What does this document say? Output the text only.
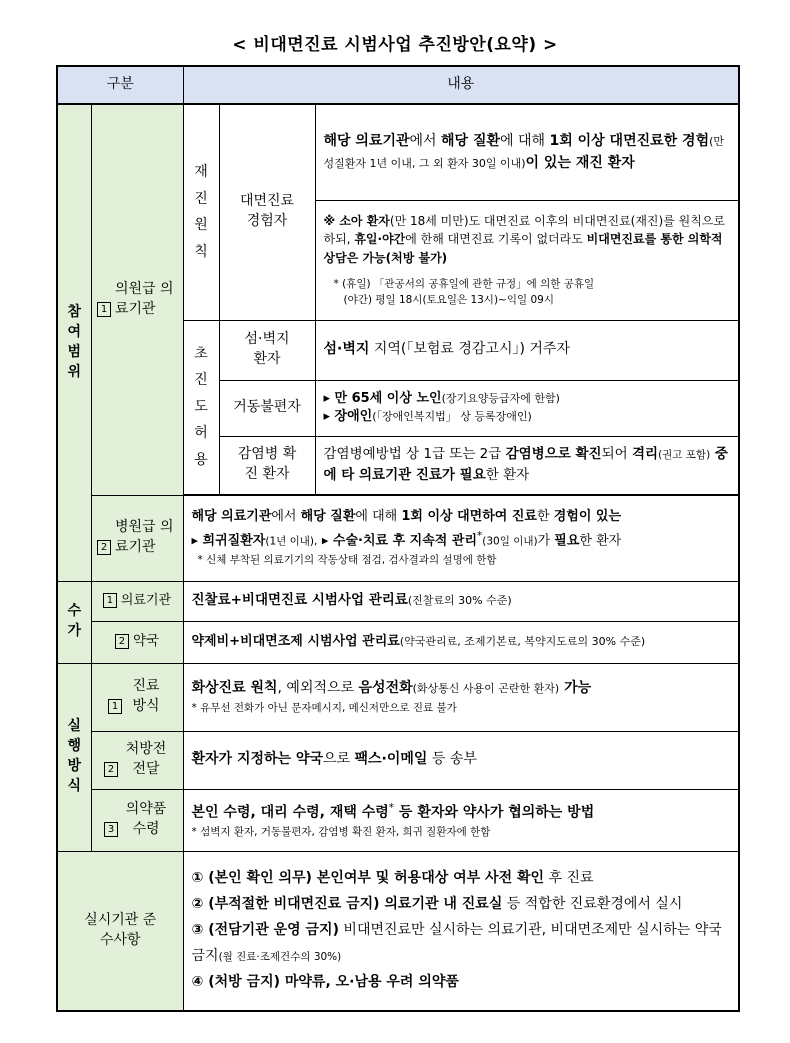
< 비대면진료 시범사업 추진방안(요약) >
구분		내용		
참여범위	1의원급 의료기관	재진 원칙	대면진료 경험자	해당 의료기관에서 해당 질환에 대해 1회 이상 대면진료한 경험(만성질환자 1년 이내, 그 외 환자 30일 이내)이 있는 재진 환자

				※ 소아 환자(만 18세 미만)도 대면진료 이후의 비대면진료(재진)를 원칙으로 하되, 휴일·야간에 한해 대면진료 기록이 없더라도 비대면진료를 통한 의학적 상담은 가능(처방 불가)
* (휴일) 「관공서의 공휴일에 관한 규정」에 의한 공휴일
(야간) 평일 18시(토요일은 13시)~익일 09시

		초진도허용	섬·벽지 환자	섬·벽지 지역(「보험료 경감고시」) 거주자
			거동불편자	▸ 만 65세 이상 노인(장기요양등급자에 한함)
▸ 장애인(「장애인복지법」 상 등록장애인)

			감염병 확진 환자	감염병예방법 상 1급 또는 2급 감염병으로 확진되어 격리(권고 포함) 중에 타 의료기관 진료가 필요한 환자

	2병원급 의료기관	해당 의료기관에서 해당 질환에 대해 1회 이상 대면하여 진료한 경험이 있는
▸ 희귀질환자(1년 이내), ▸ 수술·치료 후 지속적 관리*(30일 이내)가 필요한 환자
* 신체 부착된 의료기기의 작동상태 점검, 검사결과의 설명에 한함		

수가	1 의료기관	진찰료+비대면진료 시범사업 관리료(진찰료의 30% 수준)		
	2 약국	약제비+비대면조제 시범사업 관리료(약국관리료, 조제기본료, 복약지도료의 30% 수준)		
실행방식	1진료 방식	화상진료 원칙, 예외적으로 음성전화(화상통신 사용이 곤란한 환자) 가능
* 유무선 전화가 아닌 문자메시지, 메신저만으로 진료 불가		

	2처방전 전달	환자가 지정하는 약국으로 팩스·이메일 등 송부		
	3의약품 수령	본인 수령, 대리 수령, 재택 수령* 등 환자와 약사가 협의하는 방법
* 섬벽지 환자, 거동불편자, 감염병 확진 환자, 희귀 질환자에 한함		

실시기관 준수사항		① (본인 확인 의무) 본인여부 및 허용대상 여부 사전 확인 후 진료
② (부적절한 비대면진료 금지) 의료기관 내 진료실 등 적합한 진료환경에서 실시
③ (전담기관 운영 금지) 비대면진료만 실시하는 의료기관, 비대면조제만 실시하는 약국 금지(월 진료·조제건수의 30%)
④ (처방 금지) 마약류, 오·남용 우려 의약품		
